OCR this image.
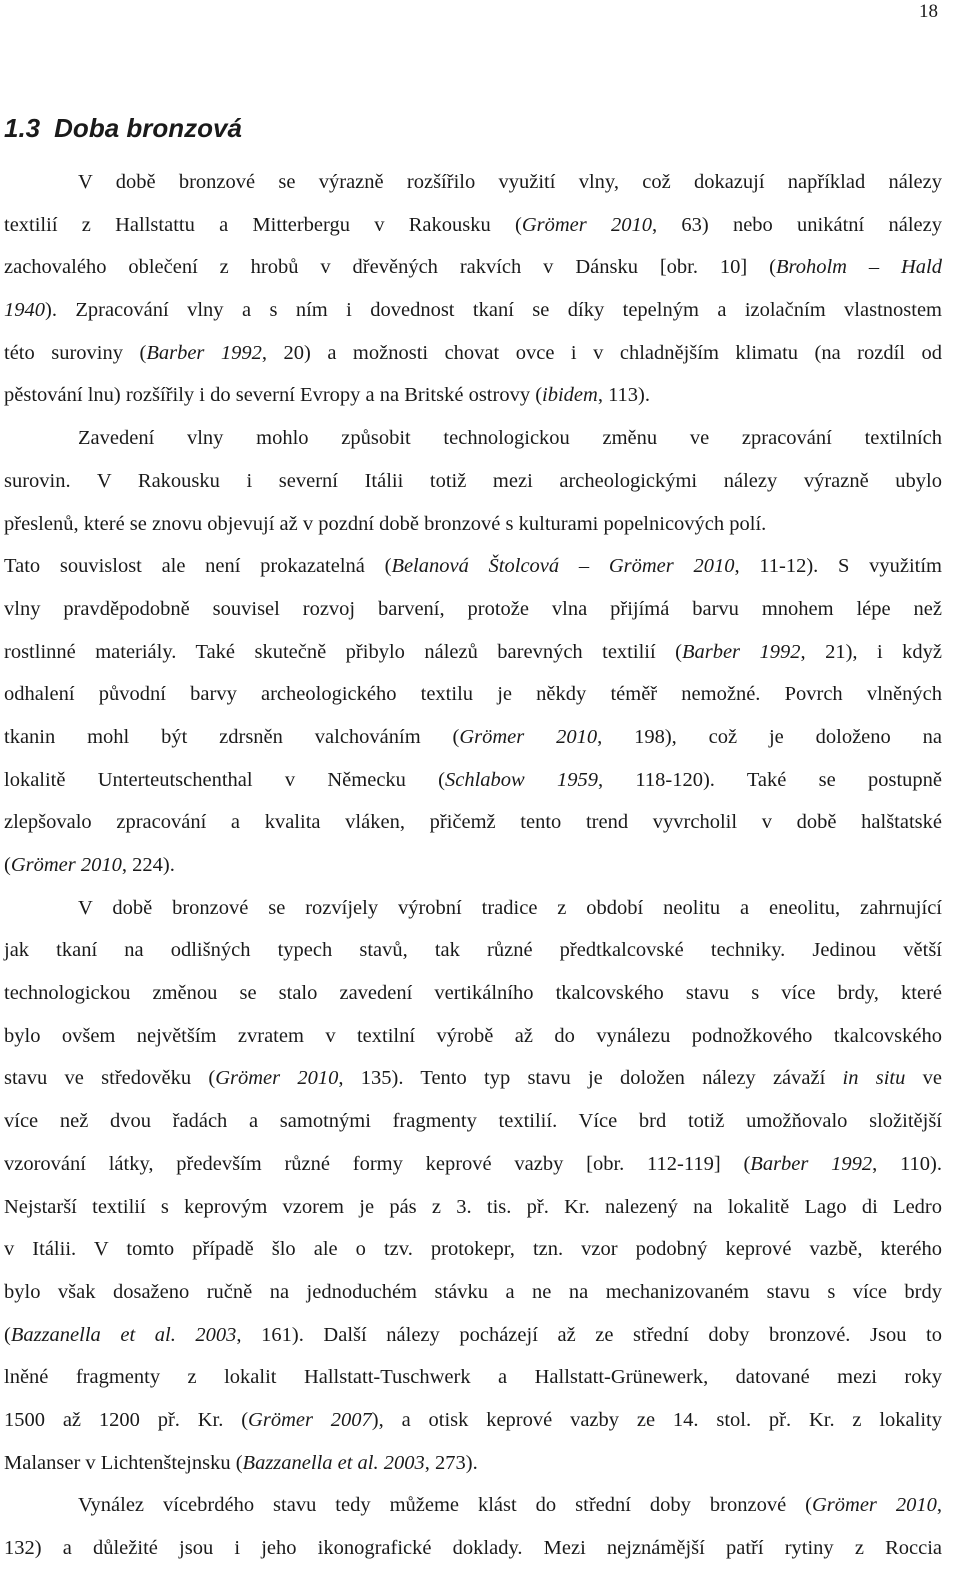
18
1.3 Doba bronzová
V době bronzové se výrazně rozšířilo využití vlny, což dokazují například nálezy
textilií z Hallstattu a Mitterbergu v Rakousku (Grömer 2010, 63) nebo unikátní nálezy
zachovalého oblečení z hrobů v dřevěných rakvích v Dánsku [obr. 10] (Broholm – Hald
1940). Zpracování vlny a s ním i dovednost tkaní se díky tepelným a izolačním vlastnostem
této suroviny (Barber 1992, 20) a možnosti chovat ovce i v chladnějším klimatu (na rozdíl od
pěstování lnu) rozšířily i do severní Evropy a na Britské ostrovy (ibidem, 113).
Zavedení vlny mohlo způsobit technologickou změnu ve zpracování textilních
surovin. V Rakousku i severní Itálii totiž mezi archeologickými nálezy výrazně ubylo
přeslenů, které se znovu objevují až v pozdní době bronzové s kulturami popelnicových polí.
Tato souvislost ale není prokazatelná (Belanová Štolcová – Grömer 2010, 11-12). S využitím
vlny pravděpodobně souvisel rozvoj barvení, protože vlna přijímá barvu mnohem lépe než
rostlinné materiály. Také skutečně přibylo nálezů barevných textilií (Barber 1992, 21), i když
odhalení původní barvy archeologického textilu je někdy téměř nemožné. Povrch vlněných
tkanin mohl být zdrsněn valchováním (Grömer 2010, 198), což je doloženo na
lokalitě Unterteutschenthal v Německu (Schlabow 1959, 118-120). Také se postupně
zlepšovalo zpracování a kvalita vláken, přičemž tento trend vyvrcholil v době halštatské
(Grömer 2010, 224).
V době bronzové se rozvíjely výrobní tradice z období neolitu a eneolitu, zahrnující
jak tkaní na odlišných typech stavů, tak různé předtkalcovské techniky. Jedinou větší
technologickou změnou se stalo zavedení vertikálního tkalcovského stavu s více brdy, které
bylo ovšem největším zvratem v textilní výrobě až do vynálezu podnožkového tkalcovského
stavu ve středověku (Grömer 2010, 135). Tento typ stavu je doložen nálezy závaží in situ ve
více než dvou řadách a samotnými fragmenty textilií. Více brd totiž umožňovalo složitější
vzorování látky, především různé formy keprové vazby [obr. 112-119] (Barber 1992, 110).
Nejstarší textilií s keprovým vzorem je pás z 3. tis. př. Kr. nalezený na lokalitě Lago di Ledro
v Itálii. V tomto případě šlo ale o tzv. protokepr, tzn. vzor podobný keprové vazbě, kterého
bylo však dosaženo ručně na jednoduchém stávku a ne na mechanizovaném stavu s více brdy
(Bazzanella et al. 2003, 161). Další nálezy pocházejí až ze střední doby bronzové. Jsou to
lněné fragmenty z lokalit Hallstatt-Tuschwerk a Hallstatt-Grünewerk, datované mezi roky
1500 až 1200 př. Kr. (Grömer 2007), a otisk keprové vazby ze 14. stol. př. Kr. z lokality
Malanser v Lichtenštejnsku (Bazzanella et al. 2003, 273).
Vynález vícebrdého stavu tedy můžeme klást do střední doby bronzové (Grömer 2010,
132) a důležité jsou i jeho ikonografické doklady. Mezi nejznámější patří rytiny z Roccia
